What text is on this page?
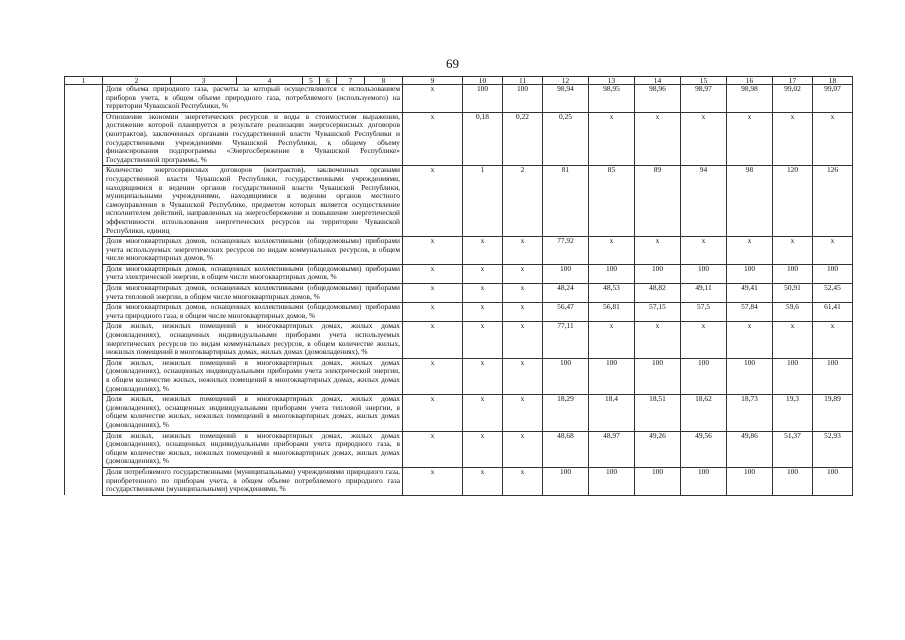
69
1	2	3	4	5	6	7	8	9	10	11	12	13	14	15	16	17	18
	Доля объема природного газа, расчеты за который осуществляются с использованием приборов учета, в общем объеме природного газа, потребляемого (используемого) на территории Чувашской Республики, %							x	100	100	98,94	98,95	98,96	98,97	98,98	99,02	99,07
	Отношение экономии энергетических ресурсов и воды в стоимостном выражении, достижение которой планируется в результате реализации энергосервисных договоров (контрактов), заключенных органами государственной власти Чувашской Республики и государственными учреждениями Чувашской Республики, к общему объему финансирования подпрограммы «Энергосбережение в Чувашской Республике» Государственной программы, %							x	0,18	0,22	0,25	x	x	x	x	x	x
	Количество энергосервисных договоров (контрактов), заключенных органами государственной власти Чувашской Республики, государственными учреждениями, находящимися в ведении органов государственной власти Чувашской Республики, муниципальными учреждениями, находящимися в ведении органов местного самоуправления в Чувашской Республике, предметом которых является осуществление исполнителем действий, направленных на энергосбережение и повышение энергетической эффективности использования энергетических ресурсов на территории Чувашской Республики, единиц							x	1	2	81	85	89	94	98	120	126
	Доля многоквартирных домов, оснащенных коллективными (общедомовыми) приборами учета используемых энергетических ресурсов по видам коммунальных ресурсов, в общем числе многоквартирных домов, %							x	x	x	77,92	x	x	x	x	x	x
	Доля многоквартирных домов, оснащенных коллективными (общедомовыми) приборами учета электрической энергии, в общем числе многоквартирных домов, %							x	x	x	100	100	100	100	100	100	100
	Доля многоквартирных домов, оснащенных коллективными (общедомовыми) приборами учета тепловой энергии, в общем числе многоквартирных домов, %							x	x	x	48,24	48,53	48,82	49,11	49,41	50,91	52,45
	Доля многоквартирных домов, оснащенных коллективными (общедомовыми) приборами учета природного газа, в общем числе многоквартирных домов, %							x	x	x	56,47	56,81	57,15	57,5	57,84	59,6	61,41
	Доля жилых, нежилых помещений в многоквартирных домах, жилых домах (домовладениях), оснащенных индивидуальными приборами учета используемых энергетических ресурсов по видам коммунальных ресурсов, в общем количестве жилых, нежилых помещений в многоквартирных домах, жилых домах (домовладениях), %							x	x	x	77,11	x	x	x	x	x	x
	Доля жилых, нежилых помещений в многоквартирных домах, жилых домах (домовладениях), оснащенных индивидуальными приборами учета электрической энергии, в общем количестве жилых, нежилых помещений в многоквартирных домах, жилых домах (домовладениях), %							x	x	x	100	100	100	100	100	100	100
	Доля жилых, нежилых помещений в многоквартирных домах, жилых домах (домовладениях), оснащенных индивидуальными приборами учета тепловой энергии, в общем количестве жилых, нежилых помещений в многоквартирных домах, жилых домах (домовладениях), %							x	x	x	18,29	18,4	18,51	18,62	18,73	19,3	19,89
	Доля жилых, нежилых помещений в многоквартирных домах, жилых домах (домовладениях), оснащенных индивидуальными приборами учета природного газа, в общем количестве жилых, нежилых помещений в многоквартирных домах, жилых домах (домовладениях), %							x	x	x	48,68	48,97	49,26	49,56	49,86	51,37	52,93
	Доля потребляемого государственными (муниципальными) учреждениями природного газа, приобретенного по приборам учета, в общем объеме потребляемого природного газа государственными (муниципальными) учреждениями, %							x	x	x	100	100	100	100	100	100	100
